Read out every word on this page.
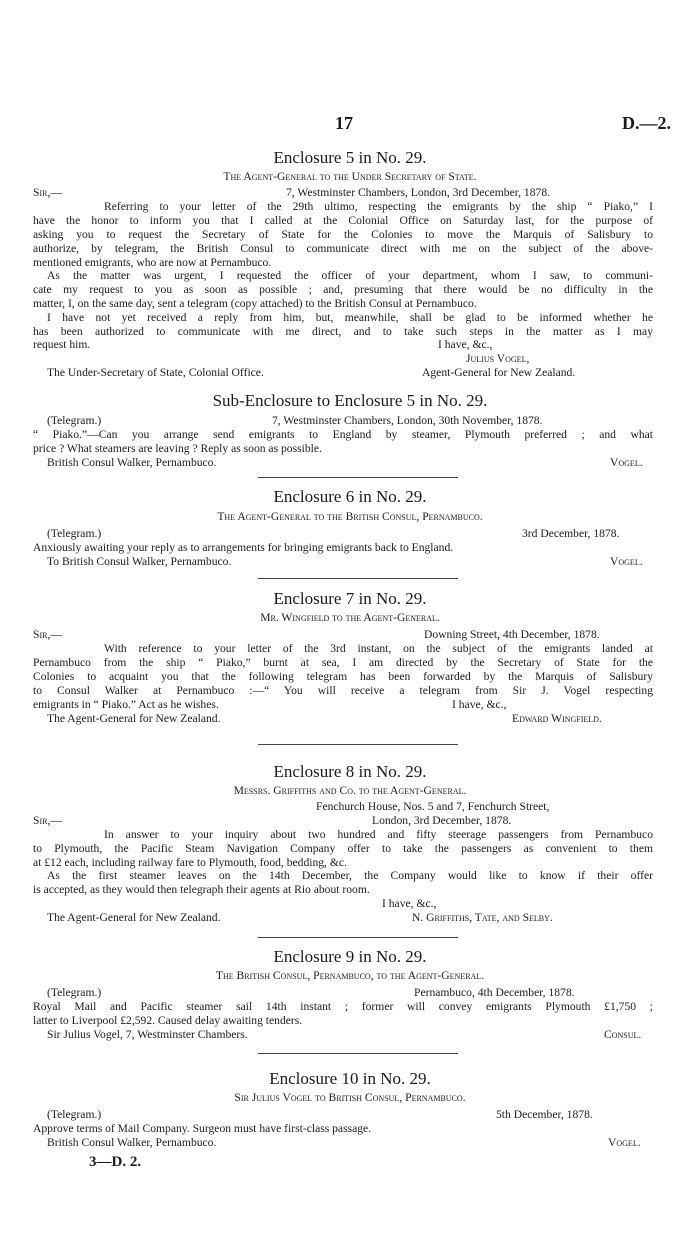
17	D.—2.
Enclosure 5 in No. 29.
The Agent-General to the Under Secretary of State.
Sir,—	7, Westminster Chambers, London, 3rd December, 1878.
Referring to your letter of the 29th ultimo, respecting the emigrants by the ship “ Piako,” I
have the honor to inform you that I called at the Colonial Office on Saturday last, for the purpose of
asking you to request the Secretary of State for the Colonies to move the Marquis of Salisbury to
authorize, by telegram, the British Consul to communicate direct with me on the subject of the above-
mentioned emigrants, who are now at Pernambuco.
As the matter was urgent, I requested the officer of your department, whom I saw, to communi-
cate my request to you as soon as possible ; and, presuming that there would be no difficulty in the
matter, I, on the same day, sent a telegram (copy attached) to the British Consul at Pernambuco.
I have not yet received a reply from him, but, meanwhile, shall be glad to be informed whether he
has been authorized to communicate with me direct, and to take such steps in the matter as I may
request him.	I have, &c.,
Julius Vogel,
The Under-Secretary of State, Colonial Office.	Agent-General for New Zealand.
Sub-Enclosure to Enclosure 5 in No. 29.
(Telegram.)	7, Westminster Chambers, London, 30th November, 1878.
“ Piako.”—Can you arrange send emigrants to England by steamer, Plymouth preferred ; and what
price ? What steamers are leaving ? Reply as soon as possible.
British Consul Walker, Pernambuco.	Vogel.
Enclosure 6 in No. 29.
The Agent-General to the British Consul, Pernambuco.
(Telegram.)	3rd December, 1878.
Anxiously awaiting your reply as to arrangements for bringing emigrants back to England.
To British Consul Walker, Pernambuco.	Vogel.
Enclosure 7 in No. 29.
Mr. Wingfield to the Agent-General.
Sir,—	Downing Street, 4th December, 1878.
With reference to your letter of the 3rd instant, on the subject of the emigrants landed at
Pernambuco from the ship “ Piako,” burnt at sea, I am directed by the Secretary of State for the
Colonies to acquaint you that the following telegram has been forwarded by the Marquis of Salisbury
to Consul Walker at Pernambuco :—“ You will receive a telegram from Sir J. Vogel respecting
emigrants in “ Piako.” Act as he wishes.	I have, &c.,
The Agent-General for New Zealand.	Edward Wingfield.
Enclosure 8 in No. 29.
Messrs. Griffiths and Co. to the Agent-General.
Fenchurch House, Nos. 5 and 7, Fenchurch Street,
Sir,—	London, 3rd December, 1878.
In answer to your inquiry about two hundred and fifty steerage passengers from Pernambuco
to Plymouth, the Pacific Steam Navigation Company offer to take the passengers as convenient to them
at £12 each, including railway fare to Plymouth, food, bedding, &c.
As the first steamer leaves on the 14th December, the Company would like to know if their offer
is accepted, as they would then telegraph their agents at Rio about room.
I have, &c.,
The Agent-General for New Zealand.	N. Griffiths, Tate, and Selby.
Enclosure 9 in No. 29.
The British Consul, Pernambuco, to the Agent-General.
(Telegram.)	Pernambuco, 4th December, 1878.
Royal Mail and Pacific steamer sail 14th instant ; former will convey emigrants Plymouth £1,750 ;
latter to Liverpool £2,592. Caused delay awaiting tenders.
Sir Julius Vogel, 7, Westminster Chambers.	Consul.
Enclosure 10 in No. 29.
Sir Julius Vogel to British Consul, Pernambuco.
(Telegram.)	5th December, 1878.
Approve terms of Mail Company. Surgeon must have first-class passage.
British Consul Walker, Pernambuco.	Vogel.
3—D. 2.
